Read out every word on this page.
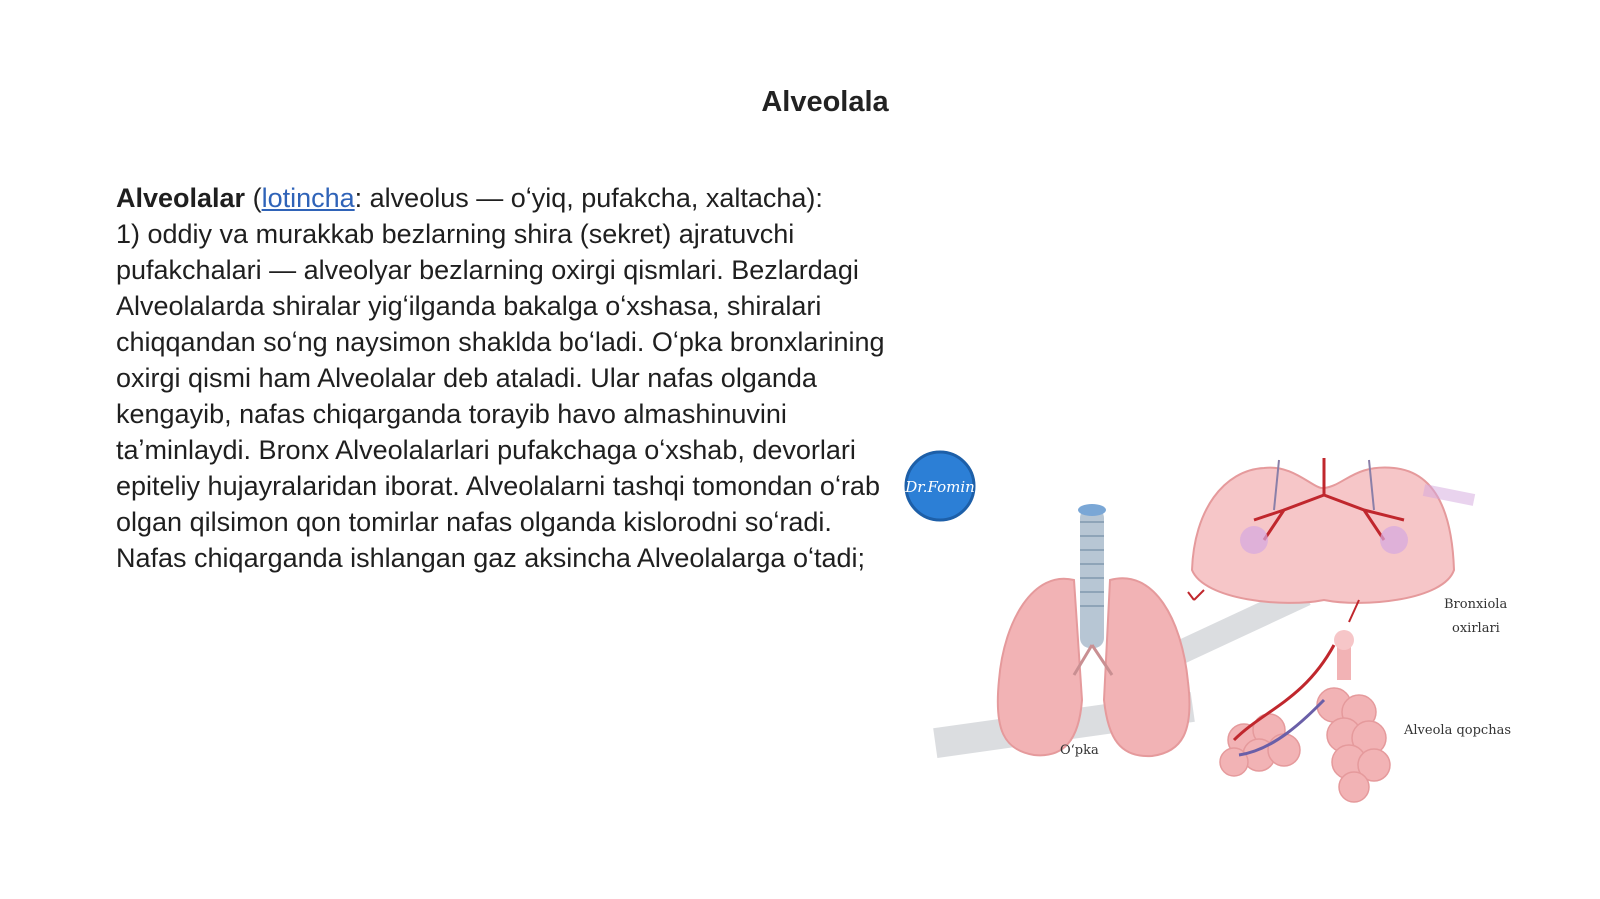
Alveolala
Alveolalar (lotincha: alveolus — oʻyiq, pufakcha, xaltacha):
1) oddiy va murakkab bezlarning shira (sekret) ajratuvchi pufakchalari — alveolyar bezlarning oxirgi qismlari. Bezlardagi Alveolalarda shiralar yigʻilganda bakalga oʻxshasa, shiralari chiqqandan soʻng naysimon shaklda boʻladi. Oʻpka bronxlarining oxirgi qismi ham Alveolalar deb ataladi. Ular nafas olganda kengayib, nafas chiqarganda torayib havo almashinuvini taʼminlaydi. Bronx Alveolalarlari pufakchaga oʻxshab, devorlari epiteliy hujayralaridan iborat. Alveolalarni tashqi tomondan oʻrab olgan qilsimon qon tomirlar nafas olganda kislorodni soʻradi. Nafas chiqarganda ishlangan gaz aksincha Alveolalarga oʻtadi;
Dr.Fomin
Oʻpka
Bronxiola
oxirlari
Alveola qopchas
